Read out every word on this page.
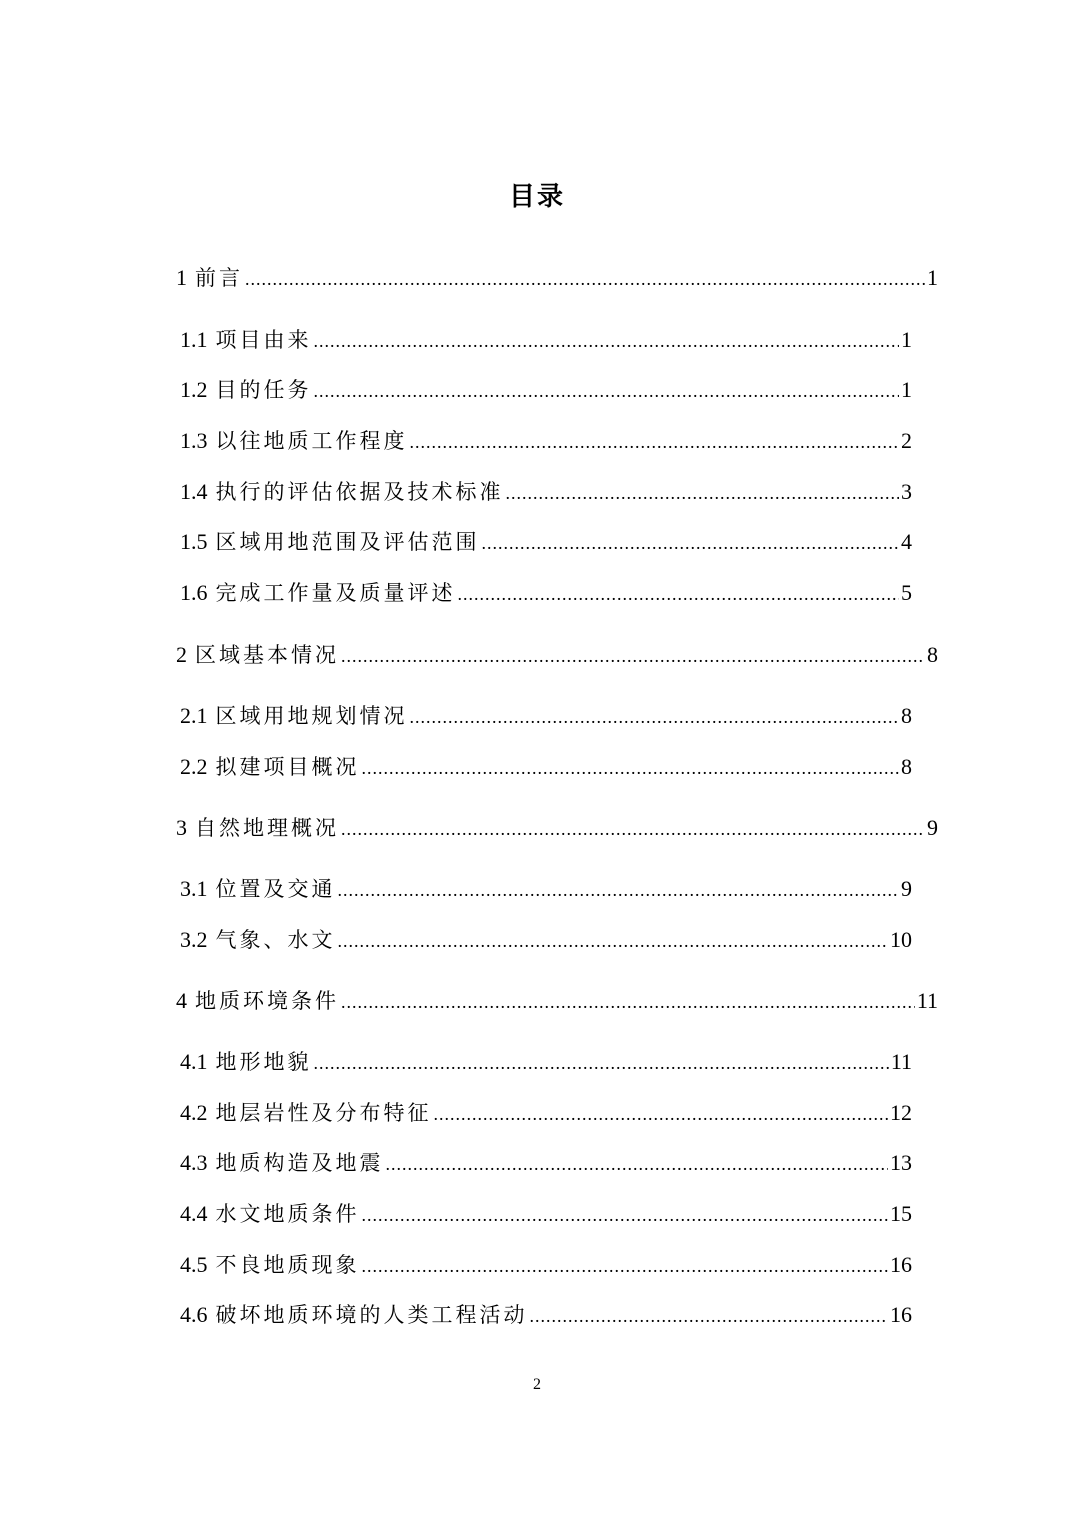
目录
1 前言 .....	1
1.1 项目由来 .....	1
1.2 目的任务 .....	1
1.3 以往地质工作程度 .....	2
1.4 执行的评估依据及技术标准 .....	3
1.5 区域用地范围及评估范围 .....	4
1.6 完成工作量及质量评述 .....	5
2 区域基本情况 .....	8
2.1 区域用地规划情况 .....	8
2.2 拟建项目概况 .....	8
3 自然地理概况 .....	9
3.1 位置及交通 .....	9
3.2 气象、水文 .....	10
4 地质环境条件 .....	11
4.1 地形地貌 .....	11
4.2 地层岩性及分布特征 .....	12
4.3 地质构造及地震 .....	13
4.4 水文地质条件 .....	15
4.5 不良地质现象 .....	16
4.6 破坏地质环境的人类工程活动 .....	16
2
